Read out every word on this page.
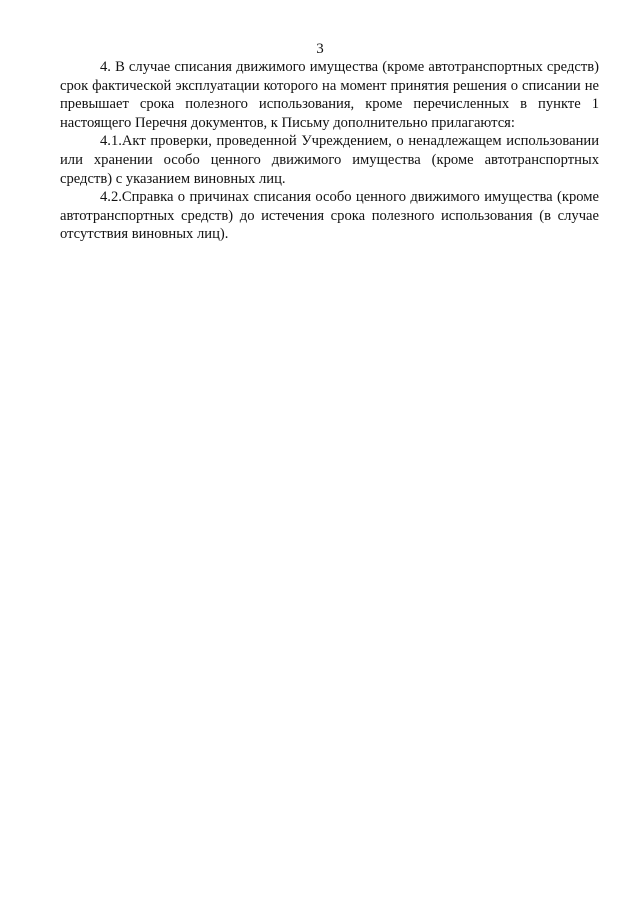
3

4. В случае списания движимого имущества (кроме автотранспортных средств) срок фактической эксплуатации которого на момент принятия решения о списании не превышает срока полезного использования, кроме перечисленных в пункте 1 настоящего Перечня документов, к Письму дополнительно прилагаются:

4.1.Акт проверки, проведенной Учреждением, о ненадлежащем использовании или хранении особо ценного движимого имущества (кроме автотранспортных средств) с указанием виновных лиц.

4.2.Справка о причинах списания особо ценного движимого имущества (кроме автотранспортных средств) до истечения срока полезного использования (в случае отсутствия виновных лиц).
